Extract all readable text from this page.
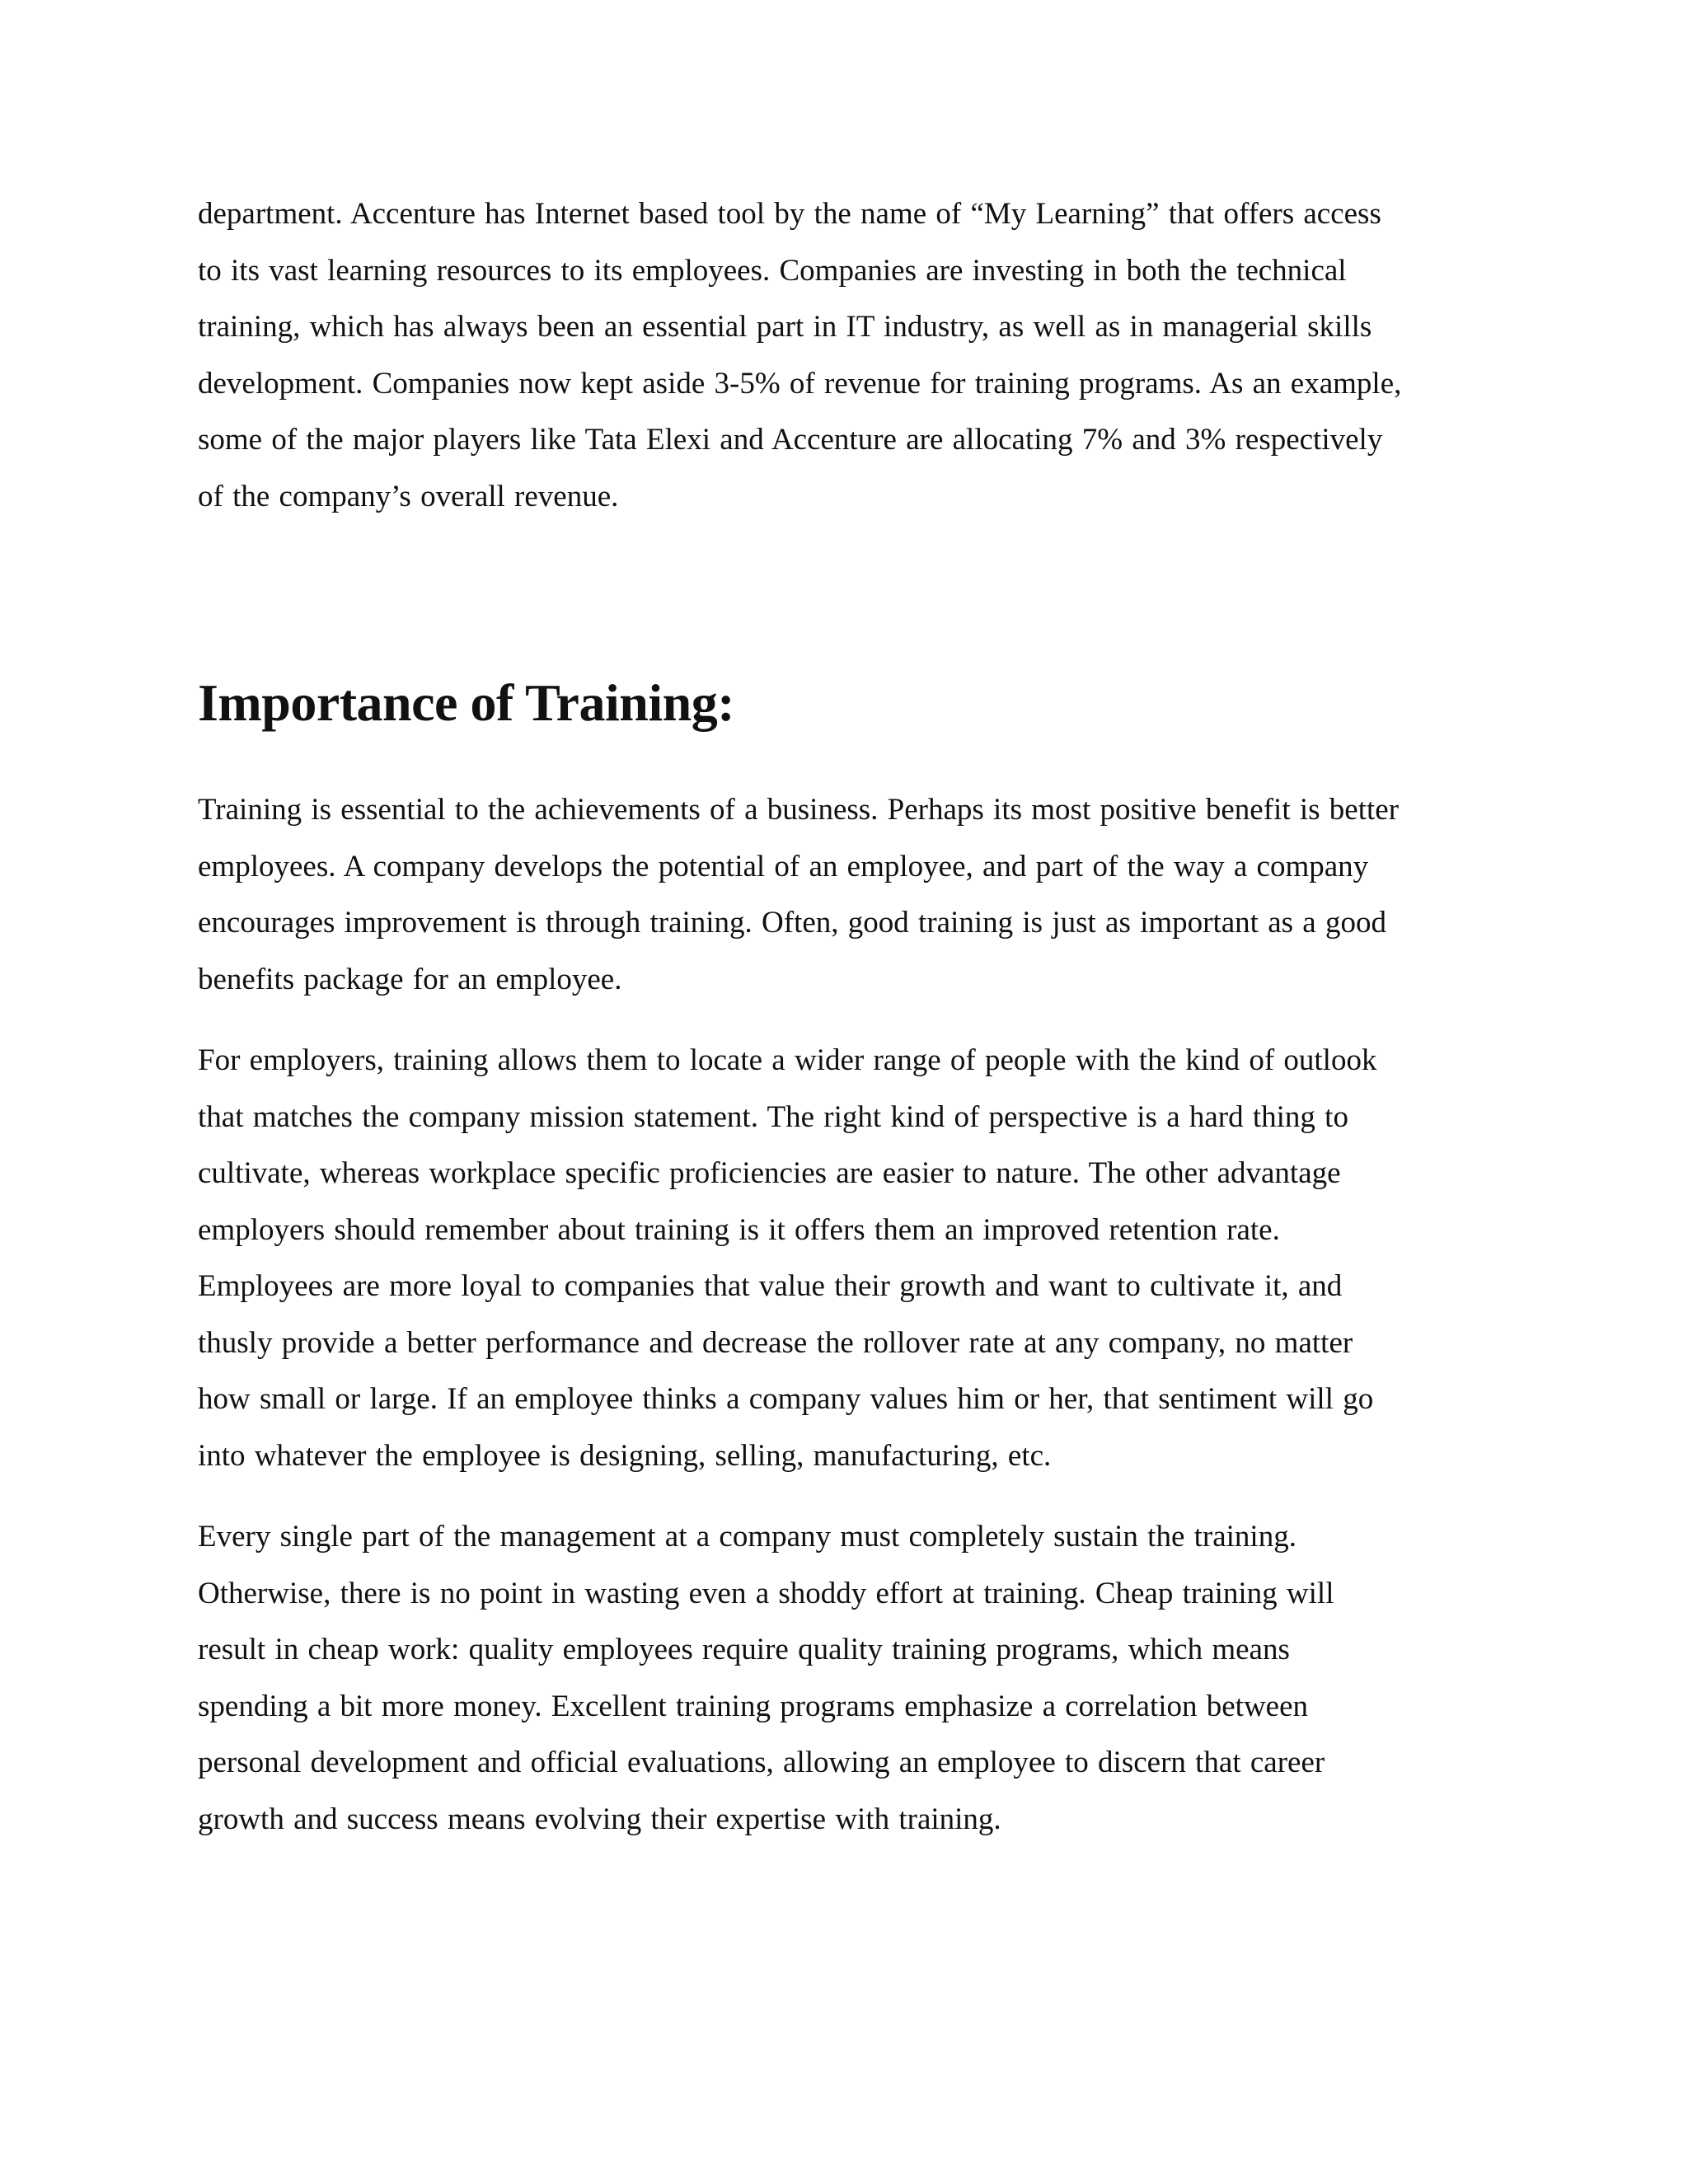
department. Accenture has Internet based tool by the name of “My Learning” that offers access
to its vast learning resources to its employees. Companies are investing in both the technical
training, which has always been an essential part in IT industry, as well as in managerial skills
development. Companies now kept aside 3-5% of revenue for training programs. As an example,
some of the major players like Tata Elexi and Accenture are allocating 7% and 3% respectively
of the company’s overall revenue.

Importance of Training:

Training is essential to the achievements of a business. Perhaps its most positive benefit is better
employees. A company develops the potential of an employee, and part of the way a company
encourages improvement is through training. Often, good training is just as important as a good
benefits package for an employee.

For employers, training allows them to locate a wider range of people with the kind of outlook
that matches the company mission statement. The right kind of perspective is a hard thing to
cultivate, whereas workplace specific proficiencies are easier to nature. The other advantage
employers should remember about training is it offers them an improved retention rate.
Employees are more loyal to companies that value their growth and want to cultivate it, and
thusly provide a better performance and decrease the rollover rate at any company, no matter
how small or large. If an employee thinks a company values him or her, that sentiment will go
into whatever the employee is designing, selling, manufacturing, etc.

Every single part of the management at a company must completely sustain the training.
Otherwise, there is no point in wasting even a shoddy effort at training. Cheap training will
result in cheap work: quality employees require quality training programs, which means
spending a bit more money. Excellent training programs emphasize a correlation between
personal development and official evaluations, allowing an employee to discern that career
growth and success means evolving their expertise with training.
